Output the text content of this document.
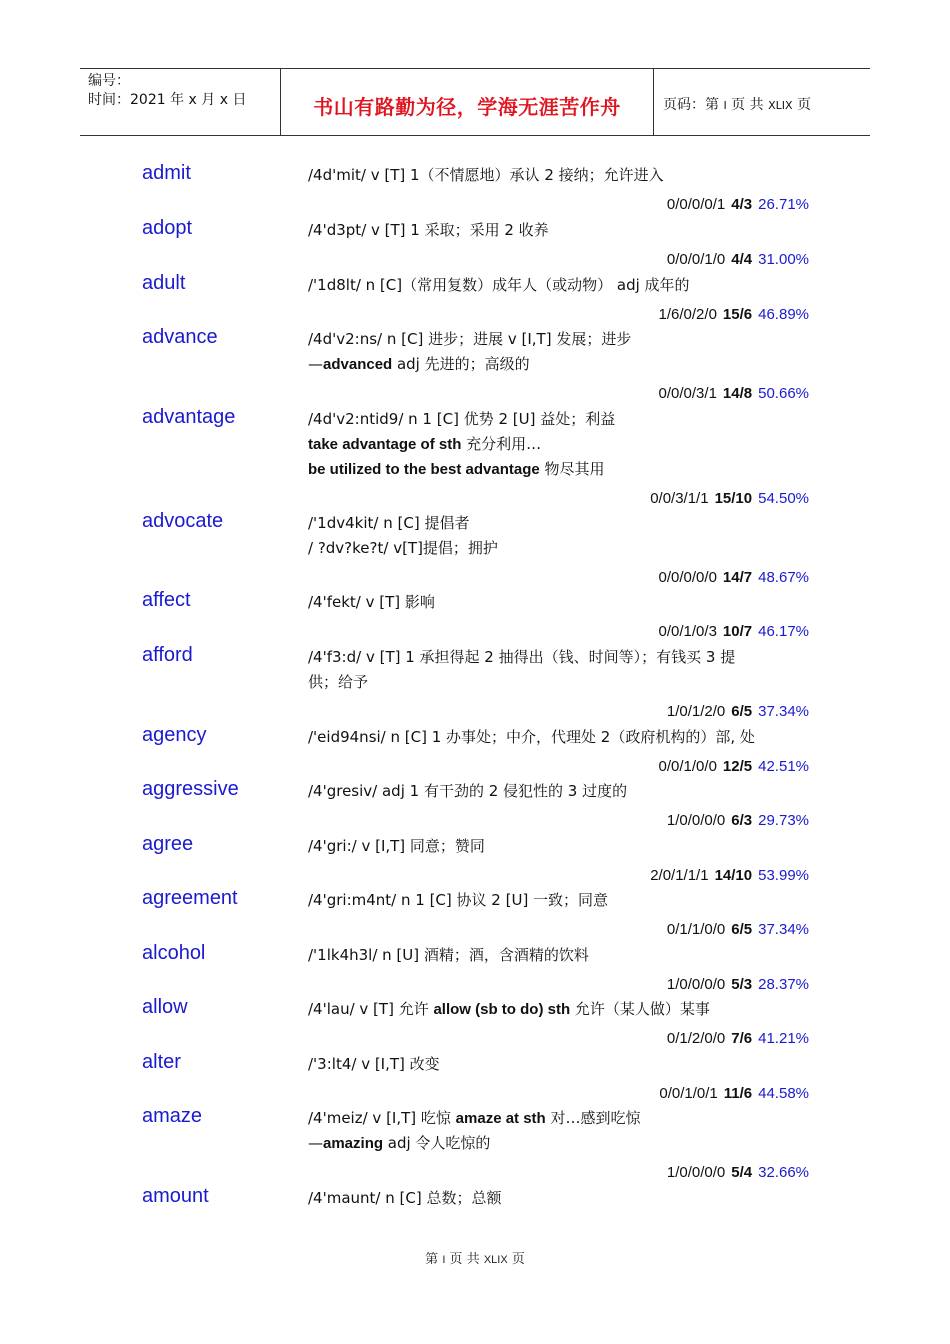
编号：
时间：2021 年 x 月 x 日	书山有路勤为径，学海无涯苦作舟	页码：第 I 页 共 XLIX 页
admit	/4d'mit/ v [T] 1（不情愿地）承认 2 接纳；允许进入
0/0/0/0/1 4/3 26.71%
adopt	/4'd3pt/ v [T] 1 采取；采用 2 收养
0/0/0/1/0 4/4 31.00%
adult	/'1d8lt/ n [C]（常用复数）成年人（或动物） adj 成年的
1/6/0/2/0 15/6 46.89%
advance	/4d'v2:ns/ n [C] 进步；进展 v [I,T] 发展；进步
—advanced adj 先进的；高级的
0/0/0/3/1 14/8 50.66%
advantage	/4d'v2:ntid9/ n 1 [C] 优势 2 [U] 益处；利益
take advantage of sth 充分利用…
be utilized to the best advantage 物尽其用
0/0/3/1/1 15/10 54.50%
advocate	/'1dv4kit/ n [C] 提倡者
/ ?dv?ke?t/ v[T]提倡；拥护
0/0/0/0/0 14/7 48.67%
affect	/4'fekt/ v [T] 影响
0/0/1/0/3 10/7 46.17%
afford	/4'f3:d/ v [T] 1 承担得起 2 抽得出（钱、时间等）；有钱买 3 提
供；给予
1/0/1/2/0 6/5 37.34%
agency	/'eid94nsi/ n [C] 1 办事处；中介，代理处 2（政府机构的）部, 处
0/0/1/0/0 12/5 42.51%
aggressive	/4'gresiv/ adj 1 有干劲的 2 侵犯性的 3 过度的
1/0/0/0/0 6/3 29.73%
agree	/4'gri:/ v [I,T] 同意；赞同
2/0/1/1/1 14/10 53.99%
agreement	/4'gri:m4nt/ n 1 [C] 协议 2 [U] 一致；同意
0/1/1/0/0 6/5 37.34%
alcohol	/'1lk4h3l/ n [U] 酒精；酒，含酒精的饮料
1/0/0/0/0 5/3 28.37%
allow	/4'lau/ v [T] 允许 allow (sb to do) sth 允许（某人做）某事
0/1/2/0/0 7/6 41.21%
alter	/'3:lt4/ v [I,T] 改变
0/0/1/0/1 11/6 44.58%
amaze	/4'meiz/ v [I,T] 吃惊 amaze at sth 对…感到吃惊
—amazing adj 令人吃惊的
1/0/0/0/0 5/4 32.66%
amount	/4'maunt/ n [C] 总数；总额
第 I 页 共 XLIX 页
